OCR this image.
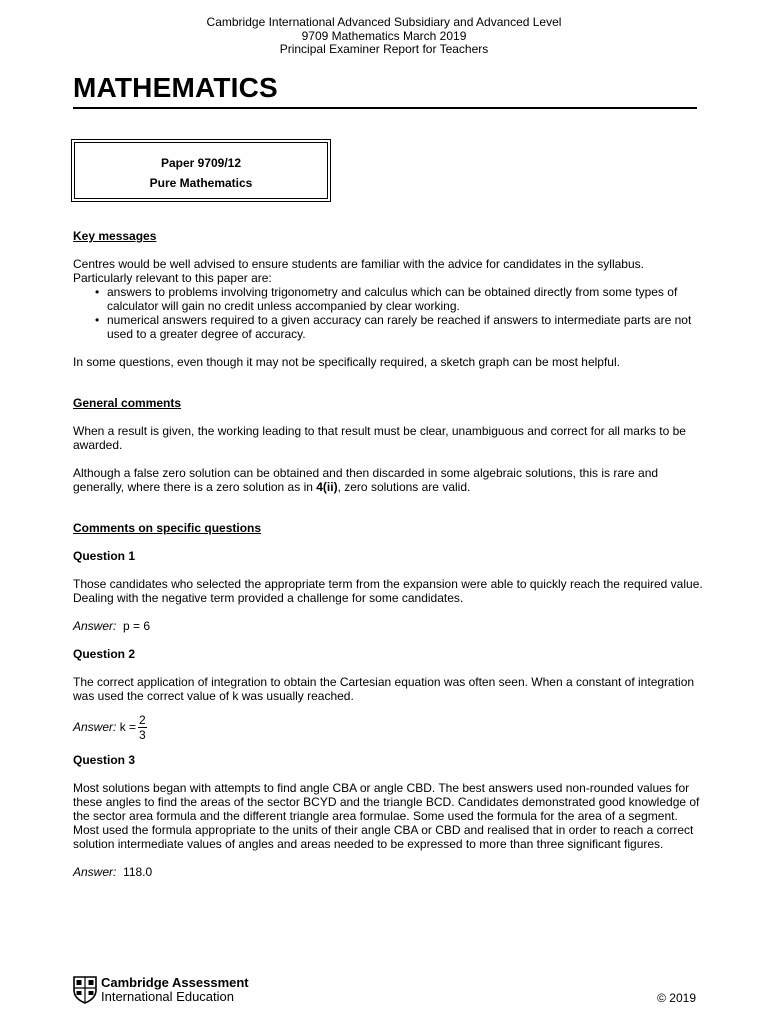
Cambridge International Advanced Subsidiary and Advanced Level
9709 Mathematics March 2019
Principal Examiner Report for Teachers
MATHEMATICS
Paper 9709/12
Pure Mathematics
Key messages
Centres would be well advised to ensure students are familiar with the advice for candidates in the syllabus. Particularly relevant to this paper are:
• answers to problems involving trigonometry and calculus which can be obtained directly from some types of calculator will gain no credit unless accompanied by clear working.
• numerical answers required to a given accuracy can rarely be reached if answers to intermediate parts are not used to a greater degree of accuracy.
In some questions, even though it may not be specifically required, a sketch graph can be most helpful.
General comments
When a result is given, the working leading to that result must be clear, unambiguous and correct for all marks to be awarded.
Although a false zero solution can be obtained and then discarded in some algebraic solutions, this is rare and generally, where there is a zero solution as in 4(ii), zero solutions are valid.
Comments on specific questions
Question 1
Those candidates who selected the appropriate term from the expansion were able to quickly reach the required value. Dealing with the negative term provided a challenge for some candidates.
Answer: p = 6
Question 2
The correct application of integration to obtain the Cartesian equation was often seen. When a constant of integration was used the correct value of k was usually reached.
Answer:
$k = \frac{2}{3}$
Question 3
Most solutions began with attempts to find angle CBA or angle CBD. The best answers used non-rounded values for these angles to find the areas of the sector BCYD and the triangle BCD. Candidates demonstrated good knowledge of the sector area formula and the different triangle area formulae. Some used the formula for the area of a segment. Most used the formula appropriate to the units of their angle CBA or CBD and realised that in order to reach a correct solution intermediate values of angles and areas needed to be expressed to more than three significant figures.
Answer: 118.0
Cambridge Assessment
International Education	© 2019
